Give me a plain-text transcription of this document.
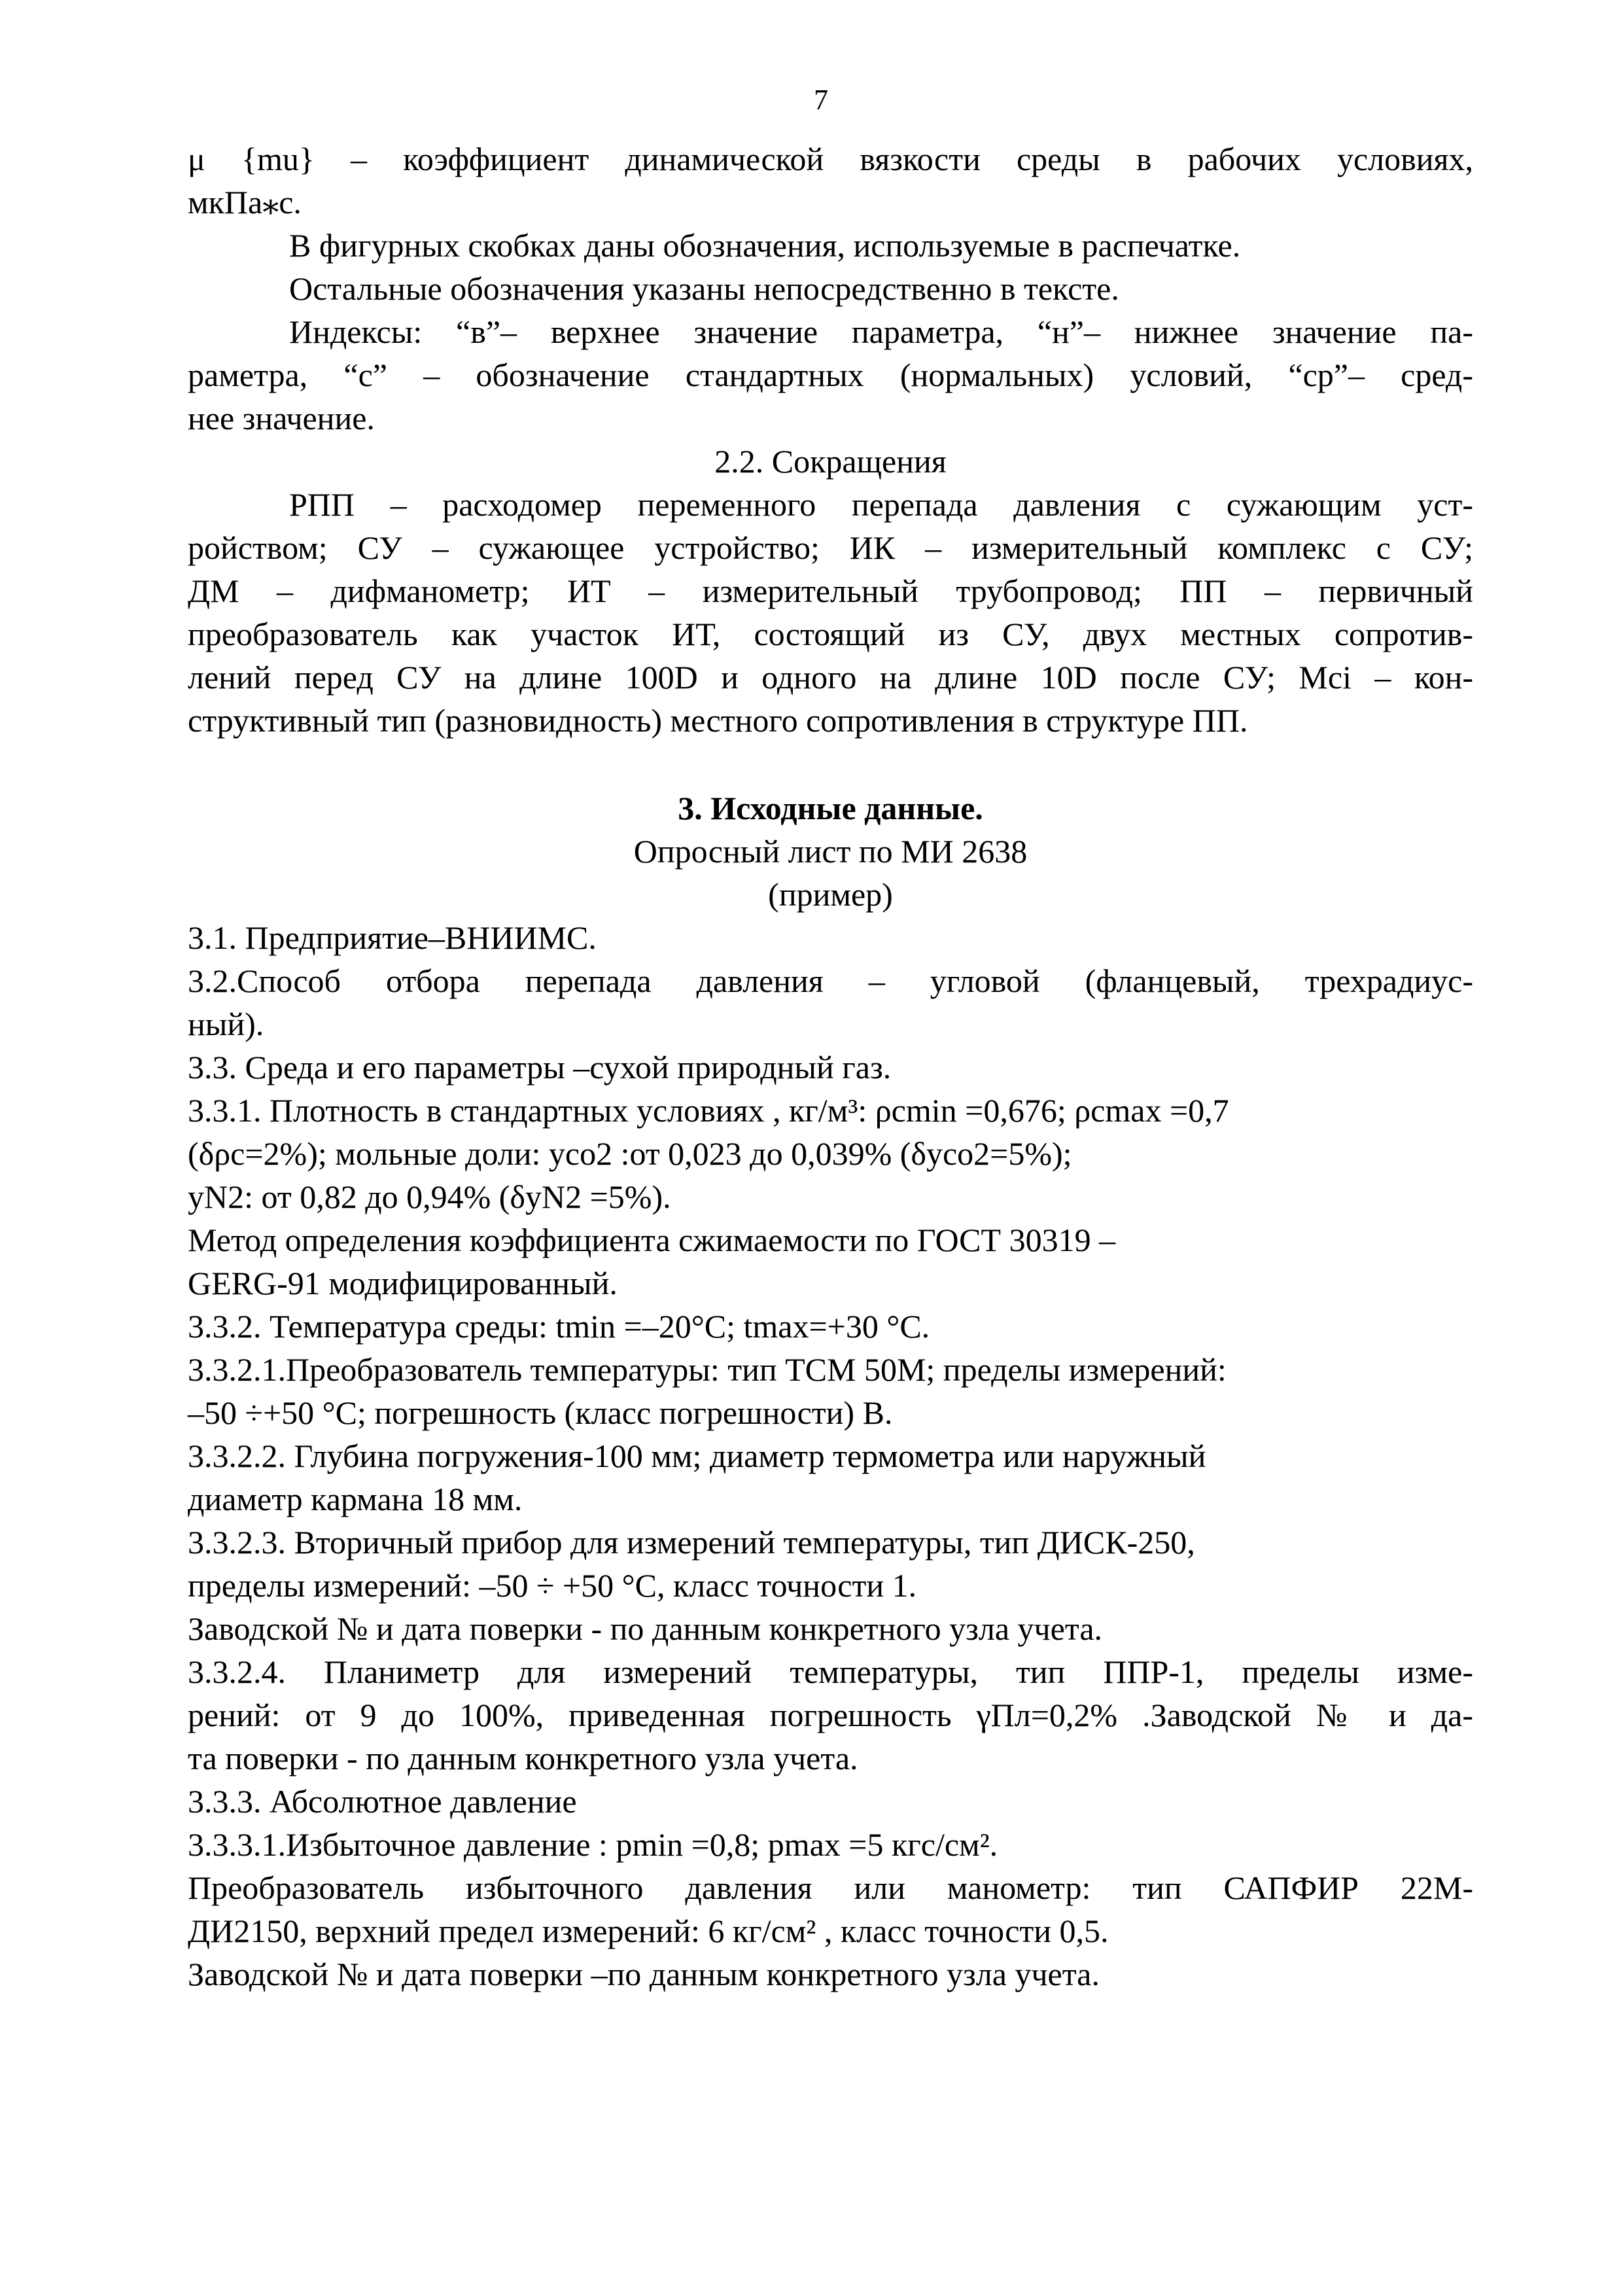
7
μ {mu} – коэффициент динамической вязкости среды в рабочих условиях,
мкПа⁎с.
В фигурных скобках даны обозначения, используемые в распечатке.
Остальные обозначения указаны непосредственно в тексте.
Индексы: “в”– верхнее значение параметра, “н”– нижнее значение па-
раметра, “с” – обозначение стандартных (нормальных) условий, “ср”– сред-
нее значение.
2.2. Сокращения
РПП – расходомер переменного перепада давления с сужающим уст-
ройством; СУ – сужающее устройство; ИК – измерительный комплекс с СУ;
ДМ – дифманометр; ИТ – измерительный трубопровод; ПП – первичный
преобразователь как участок ИТ, состоящий из СУ, двух местных сопротив-
лений перед СУ на длине 100D и одного на длине 10D после СУ; Мci – кон-
структивный тип (разновидность) местного сопротивления в структуре ПП.
3. Исходные данные.
Опросный лист по МИ 2638
(пример)
3.1. Предприятие–ВНИИМС.
3.2.Способ отбора перепада давления – угловой (фланцевый, трехрадиус-
ный).
3.3. Среда и его параметры –сухой природный газ.
3.3.1. Плотность в стандартных условиях , кг/м³: ρcmin =0,676; ρcmax =0,7
(δρc=2%); мольные доли: yco2 :от 0,023 до 0,039% (δyco2=5%);
yN2: от 0,82 до 0,94% (δyN2 =5%).
Метод определения коэффициента сжимаемости по ГОСТ 30319 –
GERG-91 модифицированный.
3.3.2. Температура среды: tmin =–20°С; tmax=+30 °С.
3.3.2.1.Преобразователь температуры: тип ТСМ 50М; пределы измерений:
–50 ÷+50 °С; погрешность (класс погрешности) В.
3.3.2.2. Глубина погружения-100 мм; диаметр термометра или наружный
диаметр кармана 18 мм.
3.3.2.3. Вторичный прибор для измерений температуры, тип ДИСК-250,
пределы измерений: –50 ÷ +50 °С, класс точности 1.
Заводской № и дата поверки - по данным конкретного узла учета.
3.3.2.4. Планиметр для измерений температуры, тип ППР-1, пределы изме-
рений: от 9 до 100%, приведенная погрешность γПл=0,2% .Заводской № и да-
та поверки - по данным конкретного узла учета.
3.3.3. Абсолютное давление
3.3.3.1.Избыточное давление : pmin =0,8; pmax =5 кгс/см².
Преобразователь избыточного давления или манометр: тип САПФИР 22М-
ДИ2150, верхний предел измерений: 6 кг/см² , класс точности 0,5.
Заводской № и дата поверки –по данным конкретного узла учета.
